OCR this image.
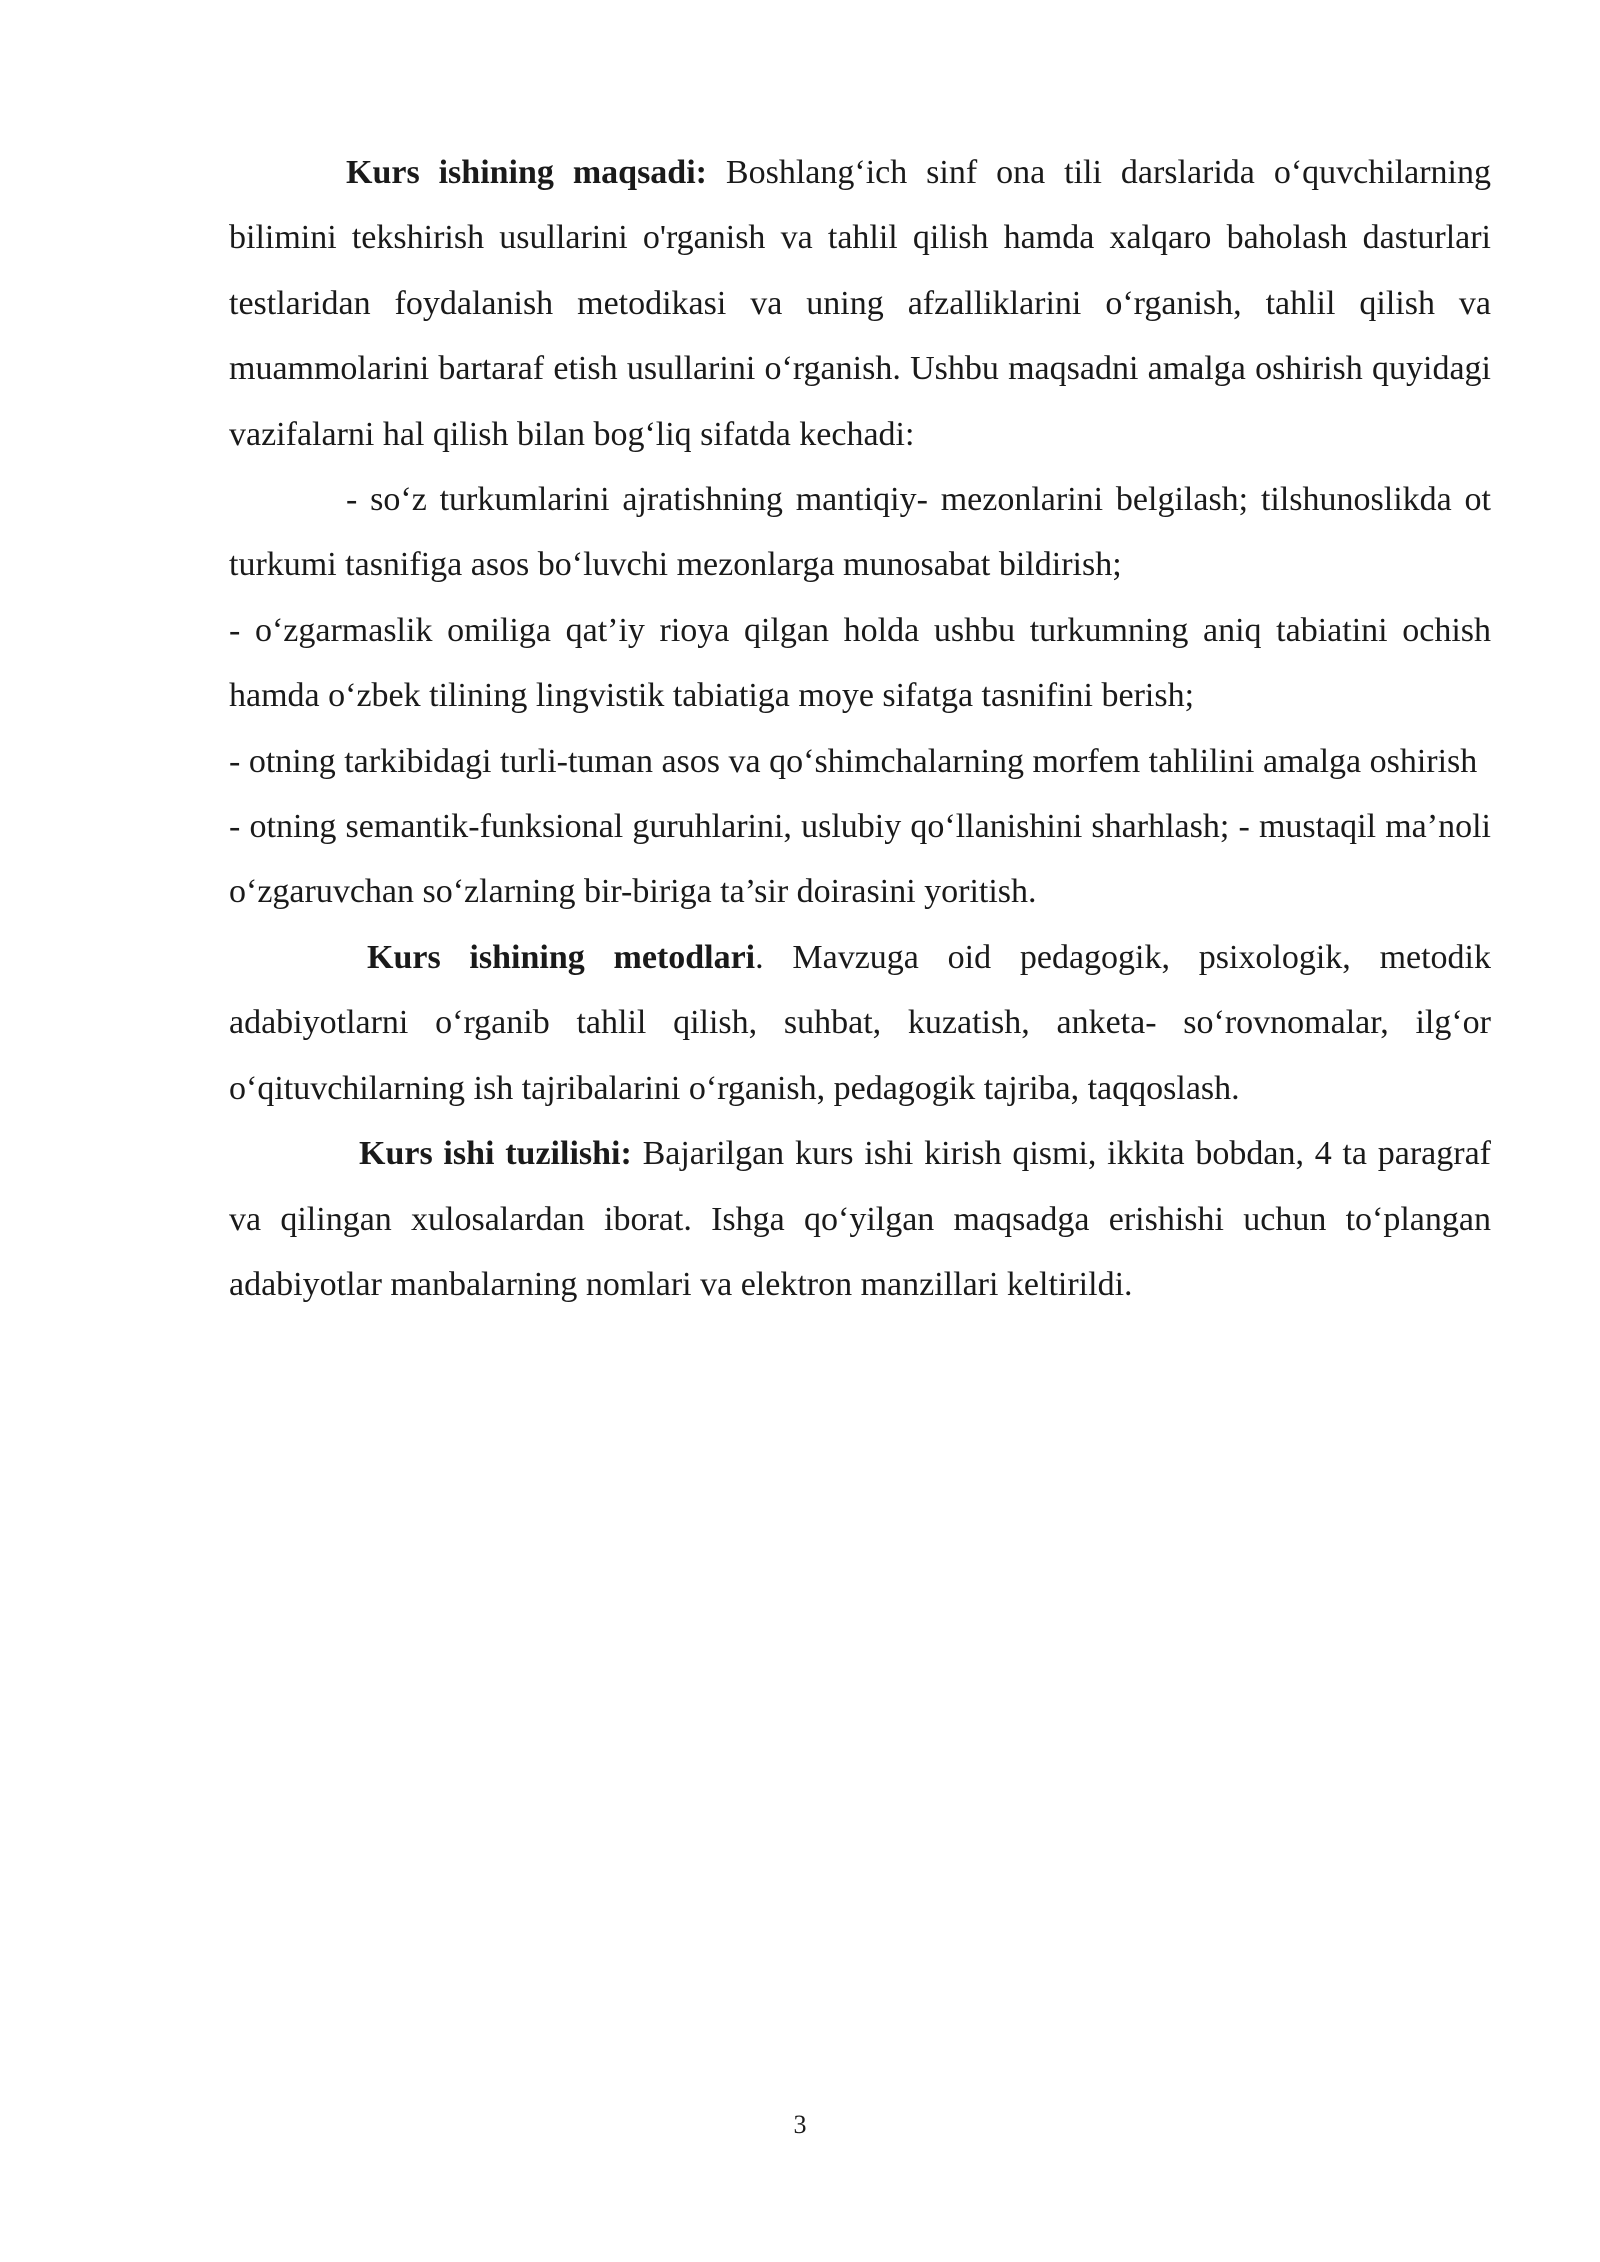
Kurs ishining maqsadi: Boshlang‘ich sinf ona tili darslarida o‘quvchilarning bilimini tekshirish usullarini o'rganish va tahlil qilish hamda xalqaro baholash dasturlari testlaridan foydalanish metodikasi va uning afzalliklarini o‘rganish, tahlil qilish va muammolarini bartaraf etish usullarini o‘rganish. Ushbu maqsadni amalga oshirish quyidagi vazifalarni hal qilish bilan bog‘liq sifatda kechadi:

- so‘z turkumlarini ajratishning mantiqiy- mezonlarini belgilash; tilshunoslikda ot turkumi tasnifiga asos bo‘luvchi mezonlarga munosabat bildirish;

- o‘zgarmaslik omiliga qat’iy rioya qilgan holda ushbu turkumning aniq tabiatini ochish hamda o‘zbek tilining lingvistik tabiatiga moye sifatga tasnifini berish;

- otning tarkibidagi turli-tuman asos va qo‘shimchalarning morfem tahlilini amalga oshirish

- otning semantik-funksional guruhlarini, uslubiy qo‘llanishini sharhlash; - mustaqil ma’noli o‘zgaruvchan so‘zlarning bir-biriga ta’sir doirasini yoritish.

Kurs ishining metodlari. Mavzuga oid pedagogik, psixologik, metodik adabiyotlarni o‘rganib tahlil qilish, suhbat, kuzatish, anketa- so‘rovnomalar, ilg‘or o‘qituvchilarning ish tajribalarini o‘rganish, pedagogik tajriba, taqqoslash.

Kurs ishi tuzilishi: Bajarilgan kurs ishi kirish qismi, ikkita bobdan, 4 ta paragraf va qilingan xulosalardan iborat. Ishga qo‘yilgan maqsadga erishishi uchun to‘plangan adabiyotlar manbalarning nomlari va elektron manzillari keltirildi.

3
